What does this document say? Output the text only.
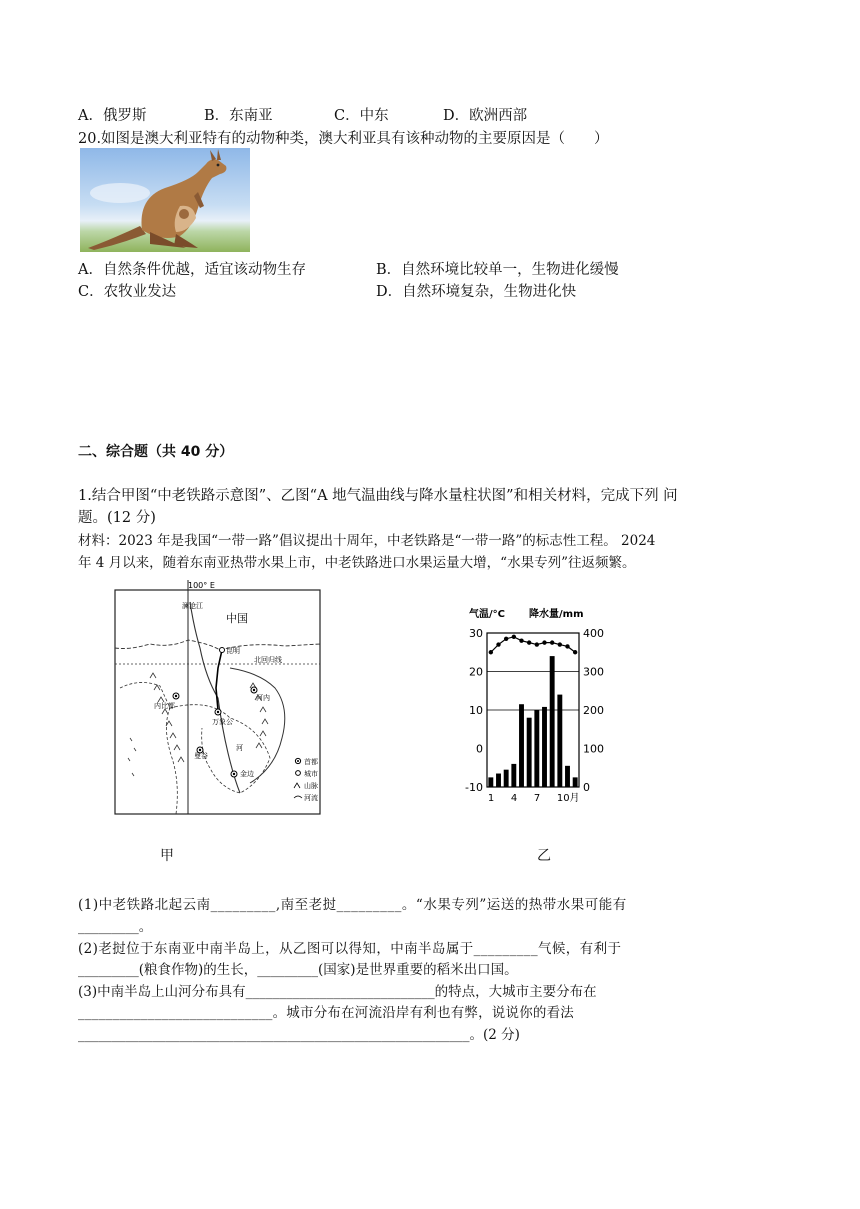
A．俄罗斯	B．东南亚	C．中东	D．欧洲西部
20.如图是澳大利亚特有的动物种类，澳大利亚具有该种动物的主要原因是（　　）
A．自然条件优越，适宜该动物生存	B．自然环境比较单一，生物进化缓慢
C．农牧业发达	D．自然环境复杂，生物进化快
二、综合题（共 40 分）
1.结合甲图“中老铁路示意图”、乙图“A 地气温曲线与降水量柱状图”和相关材料，完成下列 问
题。(12 分)
材料：2023 年是我国“一带一路”倡议提出十周年，中老铁路是“一带一路”的标志性工程。 2024
年 4 月以来，随着东南亚热带水果上市，中老铁路进口水果运量大增，“水果专列”往返频繁。
100° E
中国
澜沧江
北回归线
昆明
内比都
河内
万象公
曼谷
河
金边
首都
城市
山脉
河流
甲
气温/°C 降水量/mm
30
20
10
0
-10
400
300
200
100
0
1 4 7 10月
乙
(1)中老铁路北起云南_________,南至老挝_________。“水果专列”运送的热带水果可能有
_________。
(2)老挝位于东南亚中南半岛上，从乙图可以得知，中南半岛属于_________气候，有利于
_________(粮食作物)的生长，_________(国家)是世界重要的稻米出口国。
(3)中南半岛上山河分布具有____________________________的特点，大城市主要分布在
____________________________。城市分布在河流沿岸有利也有弊，说说你的看法
__________________________________________________________。(2 分)
